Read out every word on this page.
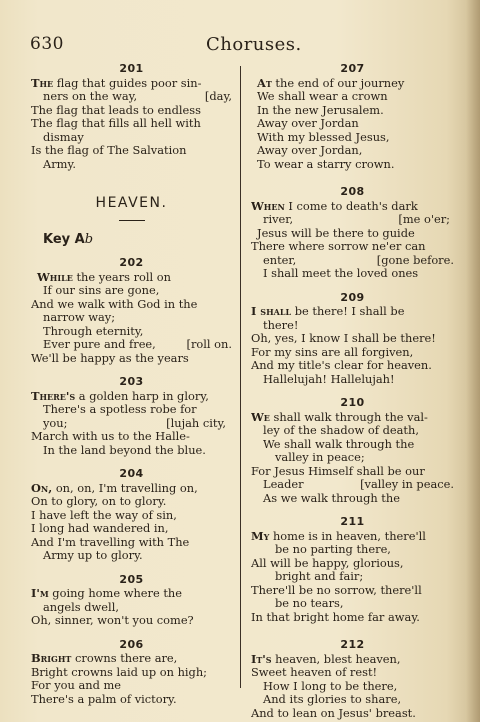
630	Choruses.
201
The flag that guides poor sin-
ners on the way,	[day,
The flag that leads to endless
The flag that fills all hell with
dismay
Is the flag of The Salvation
Army.
HEAVEN.
Key Ab
202
While the years roll on
If our sins are gone,
And we walk with God in the
narrow way;
Through eternity,
Ever pure and free,	[roll on.
We'll be happy as the years
203
There's a golden harp in glory,
There's a spotless robe for
you;	[lujah city,
March with us to the Halle-
In the land beyond the blue.
204
On, on, on, I'm travelling on,
On to glory, on to glory.
I have left the way of sin,
I long had wandered in,
And I'm travelling with The
Army up to glory.
205
I'm going home where the
angels dwell,
Oh, sinner, won't you come?
206
Bright crowns there are,
Bright crowns laid up on high;
For you and me
There's a palm of victory.
207
At the end of our journey
We shall wear a crown
In the new Jerusalem.
Away over Jordan
With my blessed Jesus,
Away over Jordan,
To wear a starry crown.
208
When I come to death's dark
river,	[me o'er;
Jesus will be there to guide
There where sorrow ne'er can
enter,	[gone before.
I shall meet the loved ones
209
I shall be there! I shall be
there!
Oh, yes, I know I shall be there!
For my sins are all forgiven,
And my title's clear for heaven.
Hallelujah! Hallelujah!
210
We shall walk through the val-
ley of the shadow of death,
We shall walk through the
valley in peace;
For Jesus Himself shall be our
Leader	[valley in peace.
As we walk through the
211
My home is in heaven, there'll
be no parting there,
All will be happy, glorious,
bright and fair;
There'll be no sorrow, there'll
be no tears,
In that bright home far away.
212
It's heaven, blest heaven,
Sweet heaven of rest!
How I long to be there,
And its glories to share,
And to lean on Jesus' breast.
